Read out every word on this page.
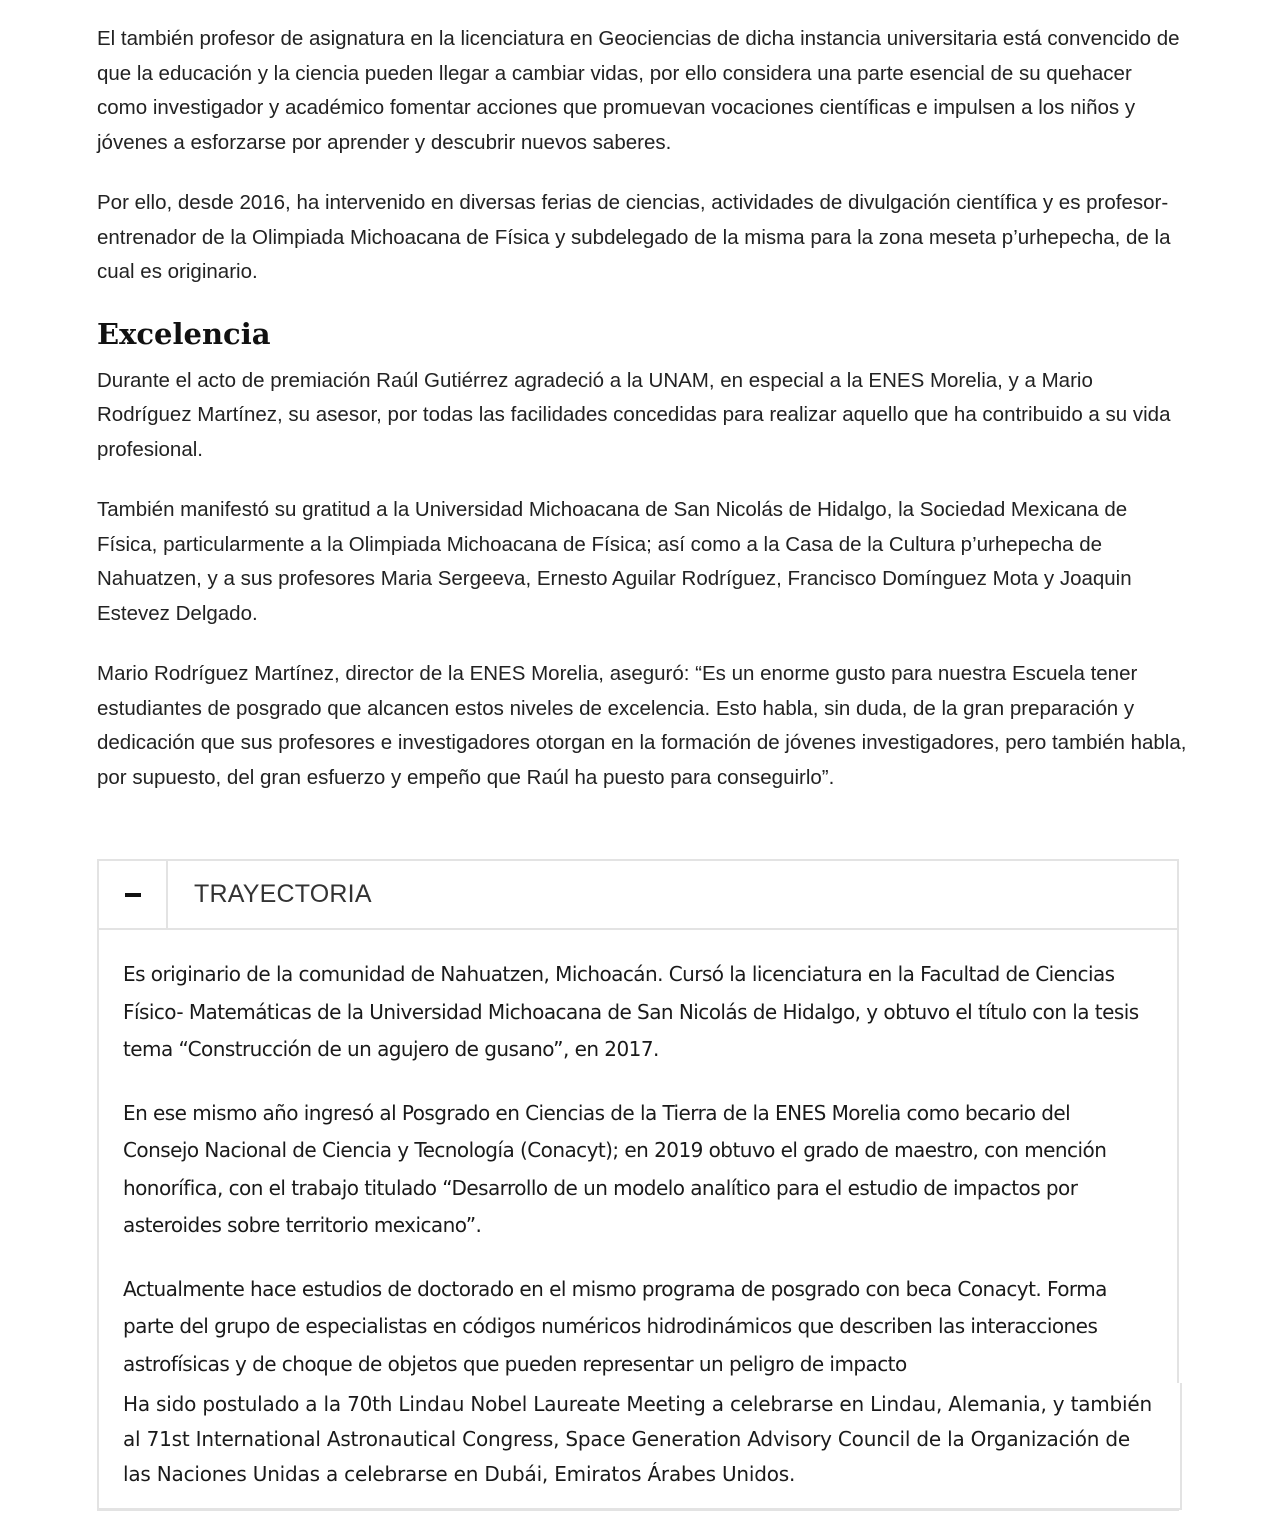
El también profesor de asignatura en la licenciatura en Geociencias de dicha instancia universitaria está convencido de que la educación y la ciencia pueden llegar a cambiar vidas, por ello considera una parte esencial de su quehacer como investigador y académico fomentar acciones que promuevan vocaciones científicas e impulsen a los niños y jóvenes a esforzarse por aprender y descubrir nuevos saberes.

Por ello, desde 2016, ha intervenido en diversas ferias de ciencias, actividades de divulgación científica y es profesor-entrenador de la Olimpiada Michoacana de Física y subdelegado de la misma para la zona meseta p’urhepecha, de la cual es originario.

Excelencia

Durante el acto de premiación Raúl Gutiérrez agradeció a la UNAM, en especial a la ENES Morelia, y a Mario Rodríguez Martínez, su asesor, por todas las facilidades concedidas para realizar aquello que ha contribuido a su vida profesional.

También manifestó su gratitud a la Universidad Michoacana de San Nicolás de Hidalgo, la Sociedad Mexicana de Física, particularmente a la Olimpiada Michoacana de Física; así como a la Casa de la Cultura p’urhepecha de Nahuatzen, y a sus profesores Maria Sergeeva, Ernesto Aguilar Rodríguez, Francisco Domínguez Mota y Joaquin Estevez Delgado.

Mario Rodríguez Martínez, director de la ENES Morelia, aseguró: “Es un enorme gusto para nuestra Escuela tener estudiantes de posgrado que alcancen estos niveles de excelencia. Esto habla, sin duda, de la gran preparación y dedicación que sus profesores e investigadores otorgan en la formación de jóvenes investigadores, pero también habla, por supuesto, del gran esfuerzo y empeño que Raúl ha puesto para conseguirlo”.

TRAYECTORIA

Es originario de la comunidad de Nahuatzen, Michoacán. Cursó la licenciatura en la Facultad de Ciencias Físico- Matemáticas de la Universidad Michoacana de San Nicolás de Hidalgo, y obtuvo el título con la tesis tema “Construcción de un agujero de gusano”, en 2017.

En ese mismo año ingresó al Posgrado en Ciencias de la Tierra de la ENES Morelia como becario del Consejo Nacional de Ciencia y Tecnología (Conacyt); en 2019 obtuvo el grado de maestro, con mención honorífica, con el trabajo titulado “Desarrollo de un modelo analítico para el estudio de impactos por asteroides sobre territorio mexicano”.

Actualmente hace estudios de doctorado en el mismo programa de posgrado con beca Conacyt. Forma parte del grupo de especialistas en códigos numéricos hidrodinámicos que describen las interacciones astrofísicas y de choque de objetos que pueden representar un peligro de impacto

Ha sido postulado a la 70th Lindau Nobel Laureate Meeting a celebrarse en Lindau, Alemania, y también al 71st International Astronautical Congress, Space Generation Advisory Council de la Organización de las Naciones Unidas a celebrarse en Dubái, Emiratos Árabes Unidos.
